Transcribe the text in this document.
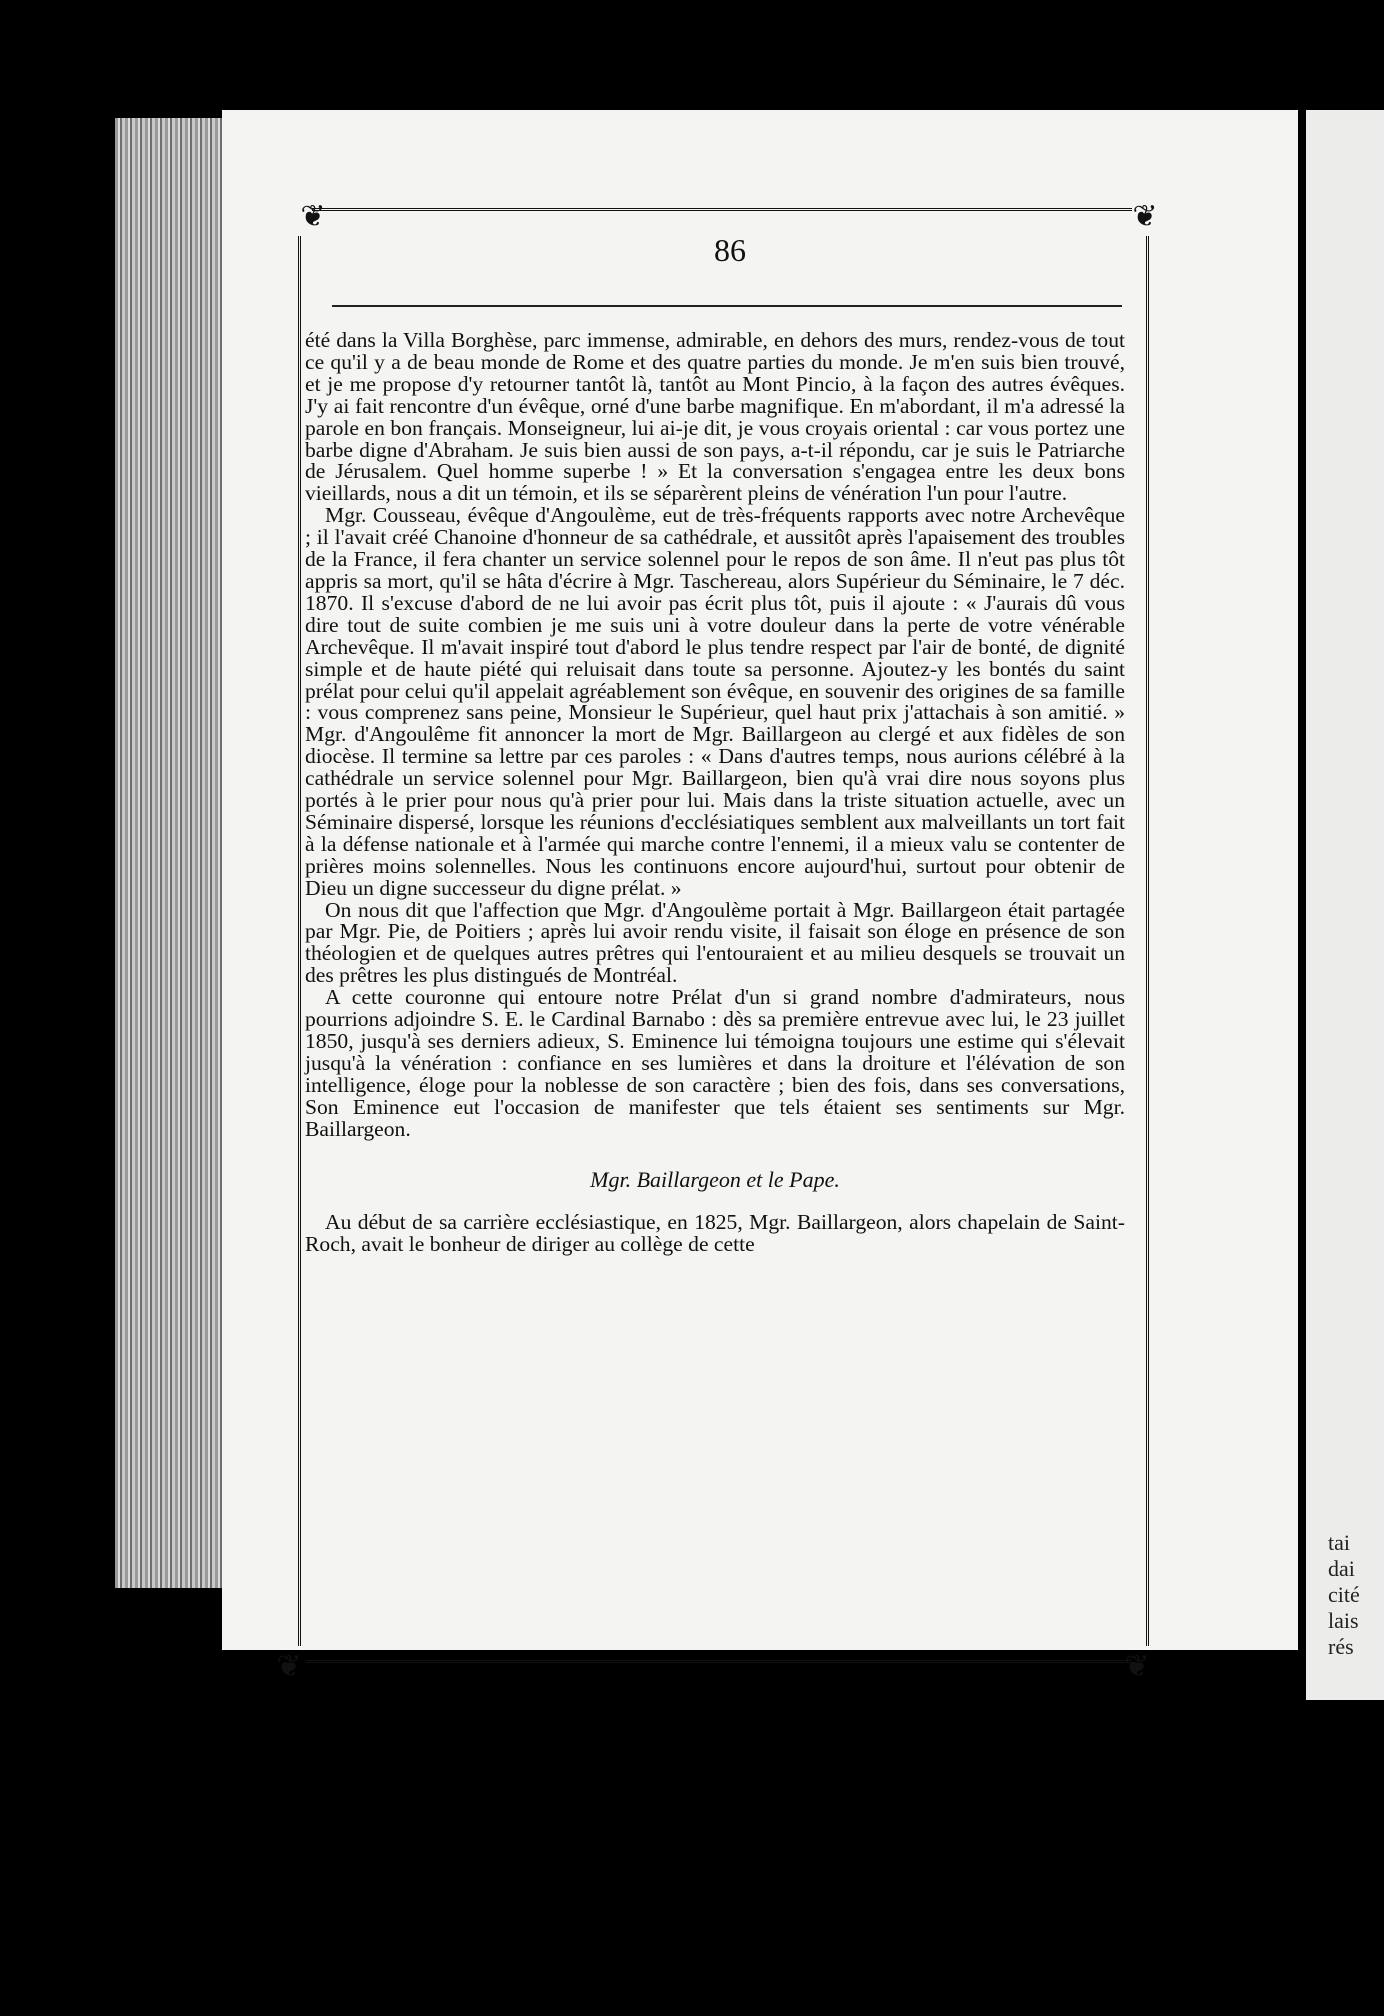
tai
dai
cité
lais
rés
❦	❦
❦	❦
86

été dans la Villa Borghèse, parc immense, admirable, en dehors des murs, rendez-vous de tout ce qu'il y a de beau monde de Rome et des quatre parties du monde. Je m'en suis bien trouvé, et je me propose d'y retourner tantôt là, tantôt au Mont Pincio, à la façon des autres évêques. J'y ai fait rencontre d'un évêque, orné d'une barbe magnifique. En m'abordant, il m'a adressé la parole en bon français. Monseigneur, lui ai-je dit, je vous croyais oriental : car vous portez une barbe digne d'Abraham. Je suis bien aussi de son pays, a-t-il répondu, car je suis le Patriarche de Jérusalem. Quel homme superbe ! » Et la conversation s'engagea entre les deux bons vieillards, nous a dit un témoin, et ils se séparèrent pleins de vénération l'un pour l'autre.

Mgr. Cousseau, évêque d'Angoulème, eut de très-fréquents rapports avec notre Archevêque ; il l'avait créé Chanoine d'honneur de sa cathédrale, et aussitôt après l'apaisement des troubles de la France, il fera chanter un service solennel pour le repos de son âme. Il n'eut pas plus tôt appris sa mort, qu'il se hâta d'écrire à Mgr. Taschereau, alors Supérieur du Séminaire, le 7 déc. 1870. Il s'excuse d'abord de ne lui avoir pas écrit plus tôt, puis il ajoute : « J'aurais dû vous dire tout de suite combien je me suis uni à votre douleur dans la perte de votre vénérable Archevêque. Il m'avait inspiré tout d'abord le plus tendre respect par l'air de bonté, de dignité simple et de haute piété qui reluisait dans toute sa personne. Ajoutez-y les bontés du saint prélat pour celui qu'il appelait agréablement son évêque, en souvenir des origines de sa famille : vous comprenez sans peine, Monsieur le Supérieur, quel haut prix j'attachais à son amitié. » Mgr. d'Angoulême fit annoncer la mort de Mgr. Baillargeon au clergé et aux fidèles de son diocèse. Il termine sa lettre par ces paroles : « Dans d'autres temps, nous aurions célébré à la cathédrale un service solennel pour Mgr. Baillargeon, bien qu'à vrai dire nous soyons plus portés à le prier pour nous qu'à prier pour lui. Mais dans la triste situation actuelle, avec un Séminaire dispersé, lorsque les réunions d'ecclésiatiques semblent aux malveillants un tort fait à la défense nationale et à l'armée qui marche contre l'ennemi, il a mieux valu se contenter de prières moins solennelles. Nous les continuons encore aujourd'hui, surtout pour obtenir de Dieu un digne successeur du digne prélat. »

On nous dit que l'affection que Mgr. d'Angoulème portait à Mgr. Baillargeon était partagée par Mgr. Pie, de Poitiers ; après lui avoir rendu visite, il faisait son éloge en présence de son théologien et de quelques autres prêtres qui l'entouraient et au milieu desquels se trouvait un des prêtres les plus distingués de Montréal.

A cette couronne qui entoure notre Prélat d'un si grand nombre d'admirateurs, nous pourrions adjoindre S. E. le Cardinal Barnabo : dès sa première entrevue avec lui, le 23 juillet 1850, jusqu'à ses derniers adieux, S. Eminence lui témoigna toujours une estime qui s'élevait jusqu'à la vénération : confiance en ses lumières et dans la droiture et l'élévation de son intelligence, éloge pour la noblesse de son caractère ; bien des fois, dans ses conversations, Son Eminence eut l'occasion de manifester que tels étaient ses sentiments sur Mgr. Baillargeon.

Mgr. Baillargeon et le Pape.

Au début de sa carrière ecclésiastique, en 1825, Mgr. Baillargeon, alors chapelain de Saint-Roch, avait le bonheur de diriger au collège de cette
